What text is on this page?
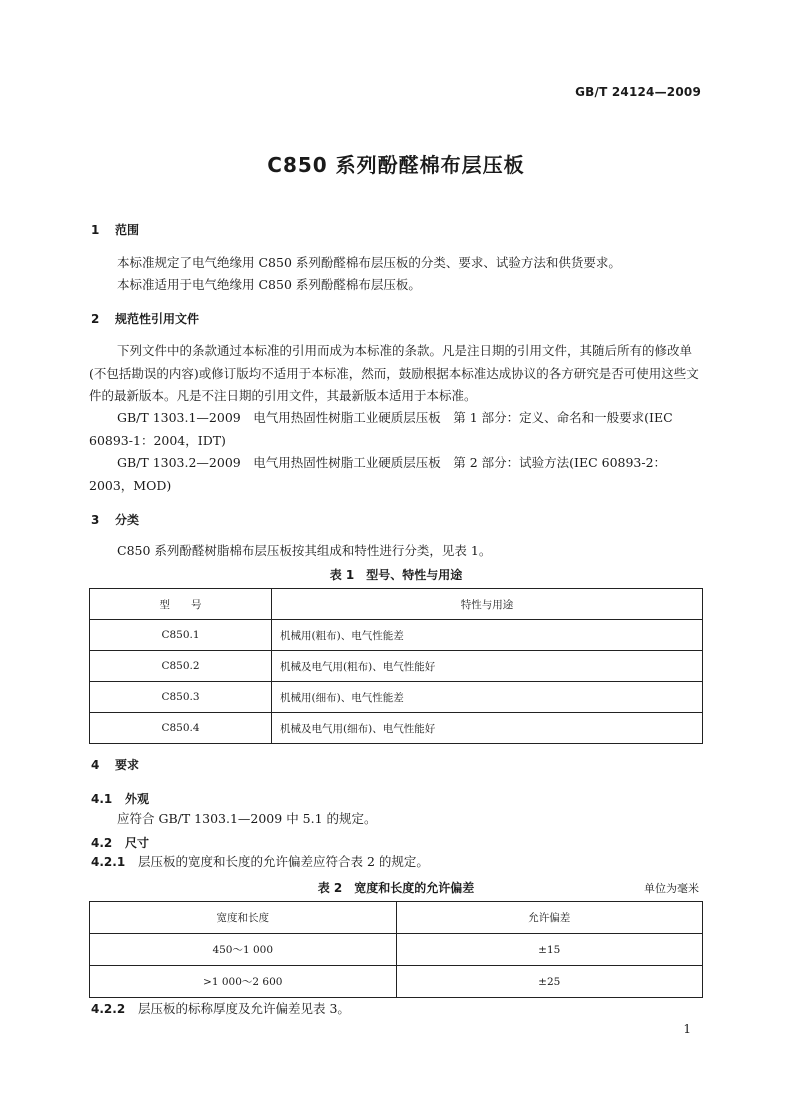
GB/T 24124—2009
C850 系列酚醛棉布层压板
1 范围
本标准规定了电气绝缘用 C850 系列酚醛棉布层压板的分类、要求、试验方法和供货要求。
本标准适用于电气绝缘用 C850 系列酚醛棉布层压板。
2 规范性引用文件
下列文件中的条款通过本标准的引用而成为本标准的条款。凡是注日期的引用文件，其随后所有的修改单(不包括勘误的内容)或修订版均不适用于本标准，然而，鼓励根据本标准达成协议的各方研究是否可使用这些文件的最新版本。凡是不注日期的引用文件，其最新版本适用于本标准。
GB/T 1303.1—2009　电气用热固性树脂工业硬质层压板　第 1 部分：定义、命名和一般要求(IEC 60893-1：2004，IDT)
GB/T 1303.2—2009　电气用热固性树脂工业硬质层压板　第 2 部分：试验方法(IEC 60893-2：2003，MOD)
3 分类
C850 系列酚醛树脂棉布层压板按其组成和特性进行分类，见表 1。
表 1　型号、特性与用途
型　　号	特性与用途
C850.1	机械用(粗布)、电气性能差
C850.2	机械及电气用(粗布)、电气性能好
C850.3	机械用(细布)、电气性能差
C850.4	机械及电气用(细布)、电气性能好
4 要求
4.1 外观
应符合 GB/T 1303.1—2009 中 5.1 的规定。
4.2 尺寸
4.2.1 层压板的宽度和长度的允许偏差应符合表 2 的规定。
表 2　宽度和长度的允许偏差	单位为毫米
宽度和长度	允许偏差
450～1 000	±15
>1 000～2 600	±25
4.2.2 层压板的标称厚度及允许偏差见表 3。
1
